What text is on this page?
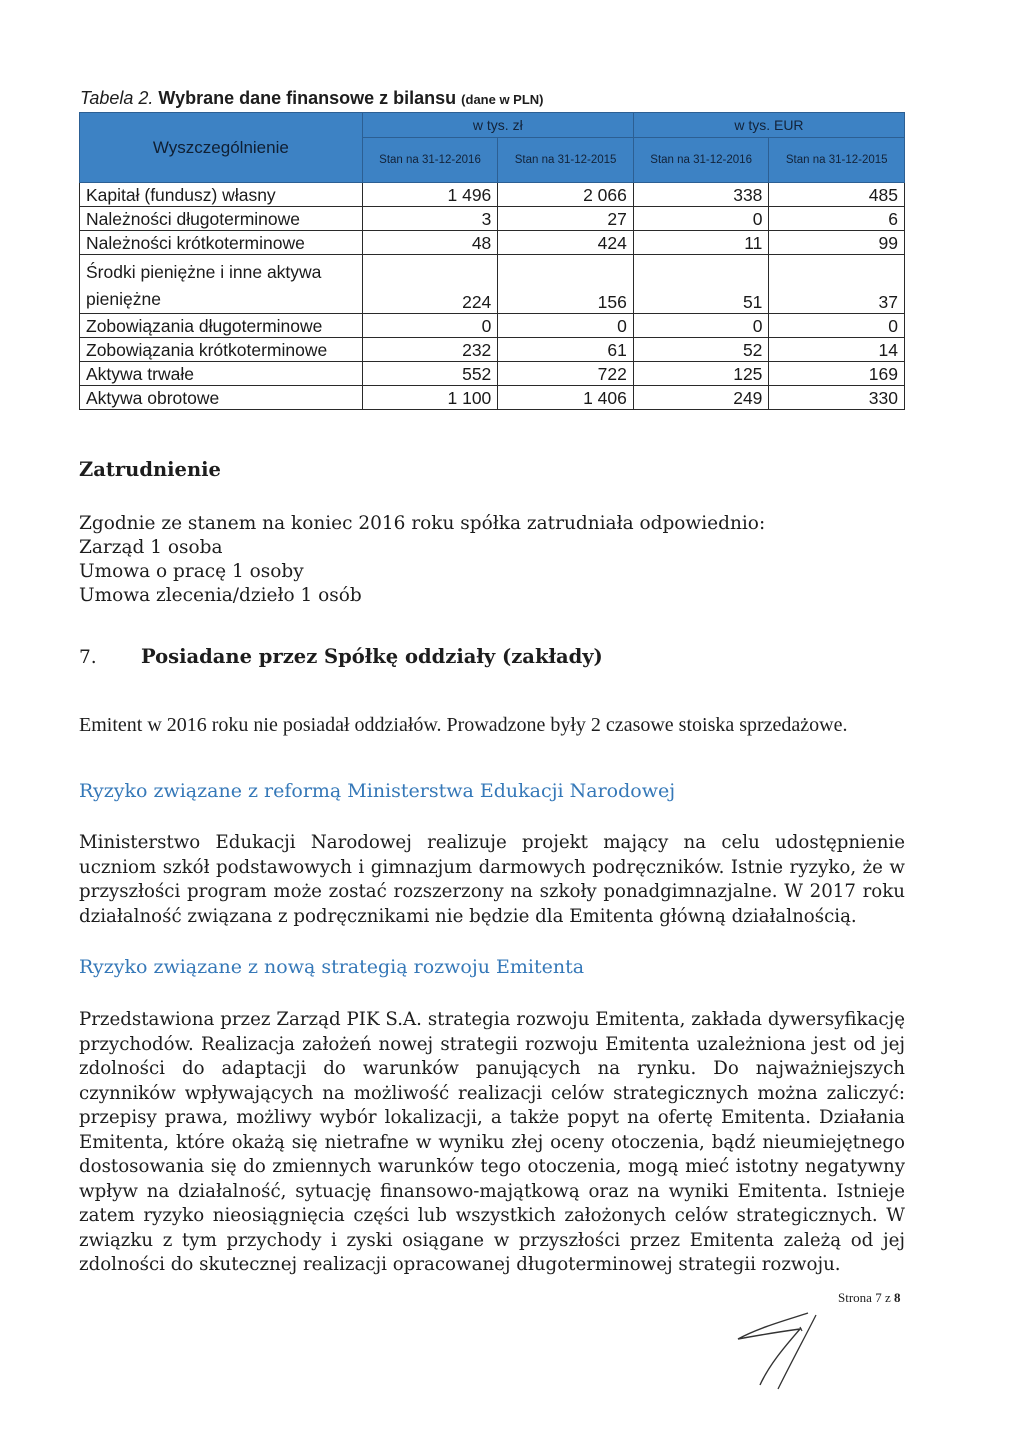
Tabela 2. Wybrane dane finansowe z bilansu (dane w PLN)
Wyszczególnienie	w tys. zł		w tys. EUR	
	Stan na 31-12-2016	Stan na 31-12-2015	Stan na 31-12-2016	Stan na 31-12-2015
Kapitał (fundusz) własny	1 496	2 066	338	485
Należności długoterminowe	3	27	0	6
Należności krótkoterminowe	48	424	11	99

Środki pieniężne i inne aktywa
pieniężne	224	156	51	37
Zobowiązania długoterminowe	0	0	0	0
Zobowiązania krótkoterminowe	232	61	52	14
Aktywa trwałe	552	722	125	169
Aktywa obrotowe	1 100	1 406	249	330
Zatrudnienie
Zgodnie ze stanem na koniec 2016 roku spółka zatrudniała odpowiednio:
Zarząd 1 osoba
Umowa o pracę 1 osoby
Umowa zlecenia/dzieło 1 osób
7. Posiadane przez Spółkę oddziały (zakłady)
Emitent w 2016 roku nie posiadał oddziałów. Prowadzone były 2 czasowe stoiska sprzedażowe.
Ryzyko związane z reformą Ministerstwa Edukacji Narodowej
Ministerstwo Edukacji Narodowej realizuje projekt mający na celu udostępnienie uczniom szkół podstawowych i gimnazjum darmowych podręczników. Istnie ryzyko, że w przyszłości program może zostać rozszerzony na szkoły ponadgimnazjalne. W 2017 roku działalność związana z podręcznikami nie będzie dla Emitenta główną działalnością.
Ryzyko związane z nową strategią rozwoju Emitenta
Przedstawiona przez Zarząd PIK S.A. strategia rozwoju Emitenta, zakłada dywersyfikację przychodów. Realizacja założeń nowej strategii rozwoju Emitenta uzależniona jest od jej zdolności do adaptacji do warunków panujących na rynku. Do najważniejszych czynników wpływających na możliwość realizacji celów strategicznych można zaliczyć: przepisy prawa, możliwy wybór lokalizacji, a także popyt na ofertę Emitenta. Działania Emitenta, które okażą się nietrafne w wyniku złej oceny otoczenia, bądź nieumiejętnego dostosowania się do zmiennych warunków tego otoczenia, mogą mieć istotny negatywny wpływ na działalność, sytuację finansowo-majątkową oraz na wyniki Emitenta. Istnieje zatem ryzyko nieosiągnięcia części lub wszystkich założonych celów strategicznych. W związku z tym przychody i zyski osiągane w przyszłości przez Emitenta zależą od jej zdolności do skutecznej realizacji opracowanej długoterminowej strategii rozwoju.
Strona 7 z 8
